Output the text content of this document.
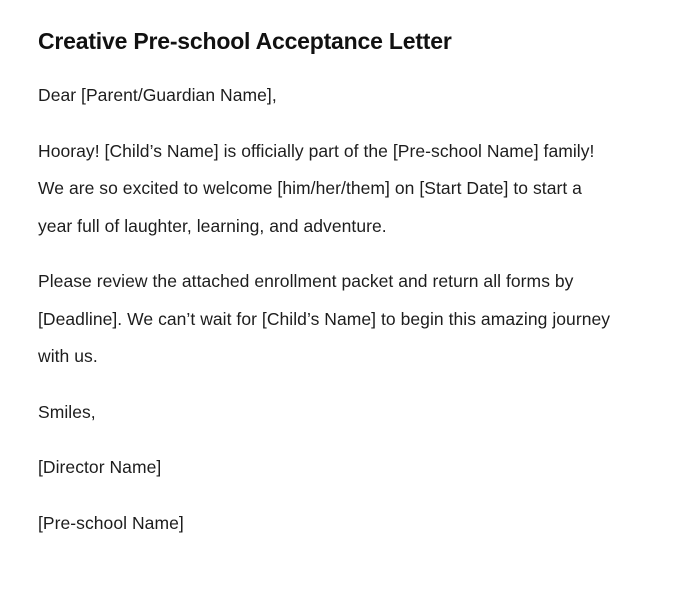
Creative Pre-school Acceptance Letter

Dear [Parent/Guardian Name],

Hooray! [Child’s Name] is officially part of the [Pre-school Name] family! We are so excited to welcome [him/her/them] on [Start Date] to start a year full of laughter, learning, and adventure.

Please review the attached enrollment packet and return all forms by [Deadline]. We can’t wait for [Child’s Name] to begin this amazing journey with us.

Smiles,

[Director Name]

[Pre-school Name]
